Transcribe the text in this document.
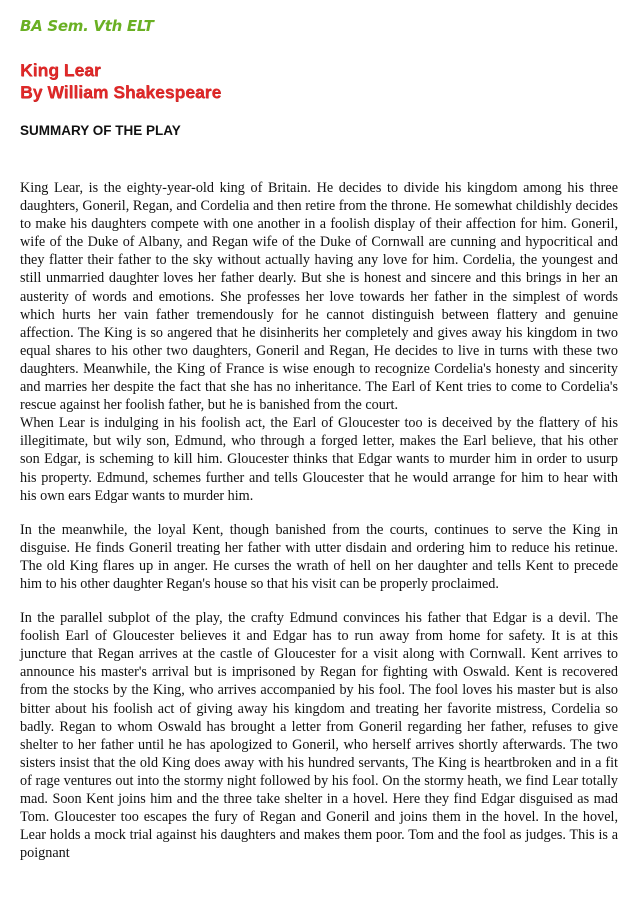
BA Sem. Vth ELT

King Lear
By William Shakespeare
SUMMARY OF THE PLAY

King Lear, is the eighty-year-old king of Britain. He decides to divide his kingdom among his three daughters, Goneril, Regan, and Cordelia and then retire from the throne. He somewhat childishly decides to make his daughters compete with one another in a foolish display of their affection for him. Goneril, wife of the Duke of Albany, and Regan wife of the Duke of Cornwall are cunning and hypocritical and they flatter their father to the sky without actually having any love for him. Cordelia, the youngest and still unmarried daughter loves her father dearly. But she is honest and sincere and this brings in her an austerity of words and emotions. She professes her love towards her father in the simplest of words which hurts her vain father tremendously for he cannot distinguish between flattery and genuine affection. The King is so angered that he disinherits her completely and gives away his kingdom in two equal shares to his other two daughters, Goneril and Regan, He decides to live in turns with these two daughters. Meanwhile, the King of France is wise enough to recognize Cordelia's honesty and sincerity and marries her despite the fact that she has no inheritance. The Earl of Kent tries to come to Cordelia's rescue against her foolish father, but he is banished from the court.

When Lear is indulging in his foolish act, the Earl of Gloucester too is deceived by the flattery of his illegitimate, but wily son, Edmund, who through a forged letter, makes the Earl believe, that his other son Edgar, is scheming to kill him. Gloucester thinks that Edgar wants to murder him in order to usurp his property. Edmund, schemes further and tells Gloucester that he would arrange for him to hear with his own ears Edgar wants to murder him.

In the meanwhile, the loyal Kent, though banished from the courts, continues to serve the King in disguise. He finds Goneril treating her father with utter disdain and ordering him to reduce his retinue. The old King flares up in anger. He curses the wrath of hell on her daughter and tells Kent to precede him to his other daughter Regan's house so that his visit can be properly proclaimed.

In the parallel subplot of the play, the crafty Edmund convinces his father that Edgar is a devil. The foolish Earl of Gloucester believes it and Edgar has to run away from home for safety. It is at this juncture that Regan arrives at the castle of Gloucester for a visit along with Cornwall. Kent arrives to announce his master's arrival but is imprisoned by Regan for fighting with Oswald. Kent is recovered from the stocks by the King, who arrives accompanied by his fool. The fool loves his master but is also bitter about his foolish act of giving away his kingdom and treating her favorite mistress, Cordelia so badly. Regan to whom Oswald has brought a letter from Goneril regarding her father, refuses to give shelter to her father until he has apologized to Goneril, who herself arrives shortly afterwards. The two sisters insist that the old King does away with his hundred servants, The King is heartbroken and in a fit of rage ventures out into the stormy night followed by his fool. On the stormy heath, we find Lear totally mad. Soon Kent joins him and the three take shelter in a hovel. Here they find Edgar disguised as mad Tom. Gloucester too escapes the fury of Regan and Goneril and joins them in the hovel. In the hovel, Lear holds a mock trial against his daughters and makes them poor. Tom and the fool as judges. This is a poignant
